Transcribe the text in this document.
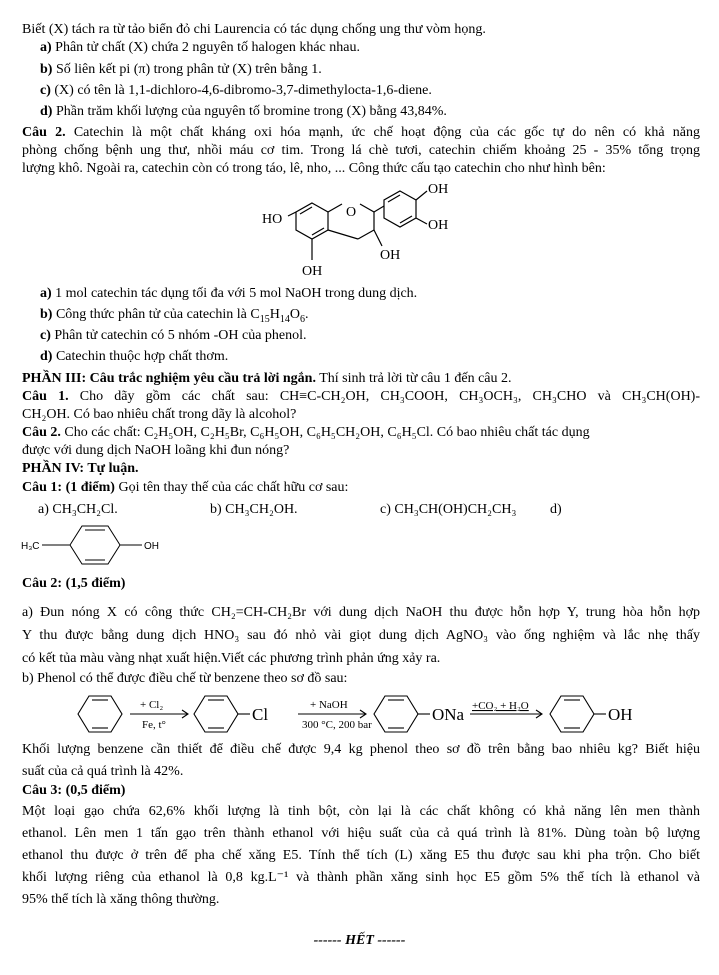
Biết (X) tách ra từ tảo biển đỏ chi Laurencia có tác dụng chống ung thư vòm họng.
a) Phân tử chất (X) chứa 2 nguyên tố halogen khác nhau.
b) Số liên kết pi (π) trong phân tử (X) trên bằng 1.
c) (X) có tên là 1,1-dichloro-4,6-dibromo-3,7-dimethylocta-1,6-diene.
d) Phần trăm khối lượng của nguyên tố bromine trong (X) bằng 43,84%.
Câu 2. Catechin là một chất kháng oxi hóa mạnh, ức chế hoạt động của các gốc tự do nên có khả năng
phòng chống bệnh ung thư, nhồi máu cơ tim. Trong lá chè tươi, catechin chiếm khoảng 25 - 35% tổng trọng
lượng khô. Ngoài ra, catechin còn có trong táo, lê, nho, ... Công thức cấu tạo catechin cho như hình bên:
HO	O
OH
OH
OH
OH
a) 1 mol catechin tác dụng tối đa với 5 mol NaOH trong dung dịch.
b) Công thức phân tử của catechin là $C_{15}H_{14}O_6$.
c) Phân tử catechin có 5 nhóm -OH của phenol.
d) Catechin thuộc hợp chất thơm.
PHẦN III: Câu trắc nghiệm yêu cầu trả lời ngắn. Thí sinh trả lời từ câu 1 đến câu 2.
Câu 1. Cho dãy gồm các chất sau: CH≡C-CH₂OH, CH₃COOH, CH₃OCH₃, CH₃CHO và CH₃CH(OH)-
CH₂OH. Có bao nhiêu chất trong dãy là alcohol?
Câu 2. Cho các chất: C₂H₅OH, C₂H₅Br, C₆H₅OH, C₆H₅CH₂OH, C₆H₅Cl. Có bao nhiêu chất tác dụng
được với dung dịch NaOH loãng khi đun nóng?
PHẦN IV: Tự luận.
Câu 1: (1 điểm) Gọi tên thay thế của các chất hữu cơ sau:
a) CH₃CH₂Cl.	b) CH₃CH₂OH.	c) CH₃CH(OH)CH₂CH₃ d)
H₃C	OH
Câu 2: (1,5 điểm)
a) Đun nóng X có công thức CH₂=CH-CH₂Br với dung dịch NaOH thu được hỗn hợp Y, trung hòa hỗn hợp
Y thu được bằng dung dịch HNO₃ sau đó nhỏ vài giọt dung dịch AgNO₃ vào ống nghiệm và lắc nhẹ thấy
có kết tủa màu vàng nhạt xuất hiện.Viết các phương trình phản ứng xảy ra.
b) Phenol có thể được điều chế từ benzene theo sơ đồ sau:
+ Cl₂
Fe, t°
Cl	+ NaOH
300 °C, 200 bar
ONa +CO₂ + H₂O	OH
Khối lượng benzene cần thiết để điều chế được 9,4 kg phenol theo sơ đồ trên bằng bao nhiêu kg? Biết hiệu
suất của cả quá trình là 42%.
Câu 3: (0,5 điểm)
Một loại gạo chứa 62,6% khối lượng là tinh bột, còn lại là các chất không có khả năng lên men thành
ethanol. Lên men 1 tấn gạo trên thành ethanol với hiệu suất của cả quá trình là 81%. Dùng toàn bộ lượng
ethanol thu được ở trên để pha chế xăng E5. Tính thể tích (L) xăng E5 thu được sau khi pha trộn. Cho biết
khối lượng riêng của ethanol là 0,8 kg.L⁻¹ và thành phần xăng sinh học E5 gồm 5% thể tích là ethanol và
95% thể tích là xăng thông thường.
------ HẾT ------
